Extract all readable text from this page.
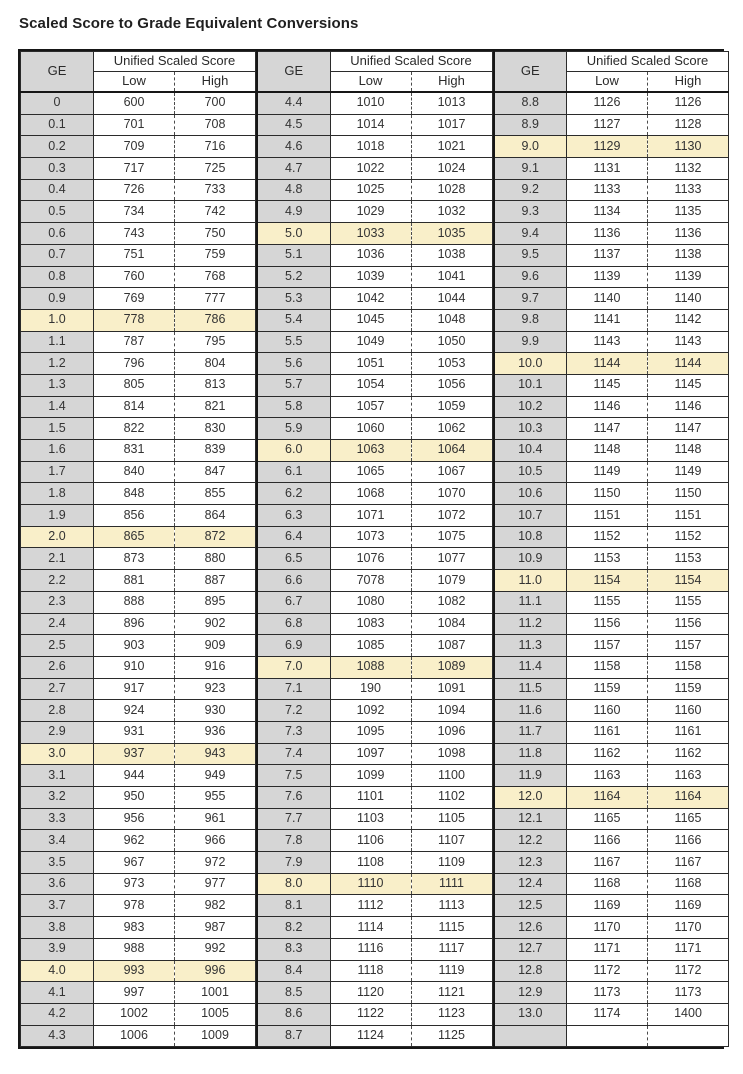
Scaled Score to Grade Equivalent Conversions
GE	Unified Scaled Score	
	Low	High
0	600	700
0.1	701	708
0.2	709	716
0.3	717	725
0.4	726	733
0.5	734	742
0.6	743	750
0.7	751	759
0.8	760	768
0.9	769	777
1.0	778	786
1.1	787	795
1.2	796	804
1.3	805	813
1.4	814	821
1.5	822	830
1.6	831	839
1.7	840	847
1.8	848	855
1.9	856	864
2.0	865	872
2.1	873	880
2.2	881	887
2.3	888	895
2.4	896	902
2.5	903	909
2.6	910	916
2.7	917	923
2.8	924	930
2.9	931	936
3.0	937	943
3.1	944	949
3.2	950	955
3.3	956	961
3.4	962	966
3.5	967	972
3.6	973	977
3.7	978	982
3.8	983	987
3.9	988	992
4.0	993	996
4.1	997	1001
4.2	1002	1005
4.3	1006	1009
GE	Unified Scaled Score	
	Low	High
4.4	1010	1013
4.5	1014	1017
4.6	1018	1021
4.7	1022	1024
4.8	1025	1028
4.9	1029	1032
5.0	1033	1035
5.1	1036	1038
5.2	1039	1041
5.3	1042	1044
5.4	1045	1048
5.5	1049	1050
5.6	1051	1053
5.7	1054	1056
5.8	1057	1059
5.9	1060	1062
6.0	1063	1064
6.1	1065	1067
6.2	1068	1070
6.3	1071	1072
6.4	1073	1075
6.5	1076	1077
6.6	7078	1079
6.7	1080	1082
6.8	1083	1084
6.9	1085	1087
7.0	1088	1089
7.1	190	1091
7.2	1092	1094
7.3	1095	1096
7.4	1097	1098
7.5	1099	1100
7.6	1101	1102
7.7	1103	1105
7.8	1106	1107
7.9	1108	1109
8.0	1110	1111
8.1	1112	1113
8.2	1114	1115
8.3	1116	1117
8.4	1118	1119
8.5	1120	1121
8.6	1122	1123
8.7	1124	1125
GE	Unified Scaled Score	
	Low	High
8.8	1126	1126
8.9	1127	1128
9.0	1129	1130
9.1	1131	1132
9.2	1133	1133
9.3	1134	1135
9.4	1136	1136
9.5	1137	1138
9.6	1139	1139
9.7	1140	1140
9.8	1141	1142
9.9	1143	1143
10.0	1144	1144
10.1	1145	1145
10.2	1146	1146
10.3	1147	1147
10.4	1148	1148
10.5	1149	1149
10.6	1150	1150
10.7	1151	1151
10.8	1152	1152
10.9	1153	1153
11.0	1154	1154
11.1	1155	1155
11.2	1156	1156
11.3	1157	1157
11.4	1158	1158
11.5	1159	1159
11.6	1160	1160
11.7	1161	1161
11.8	1162	1162
11.9	1163	1163
12.0	1164	1164
12.1	1165	1165
12.2	1166	1166
12.3	1167	1167
12.4	1168	1168
12.5	1169	1169
12.6	1170	1170
12.7	1171	1171
12.8	1172	1172
12.9	1173	1173
13.0	1174	1400
